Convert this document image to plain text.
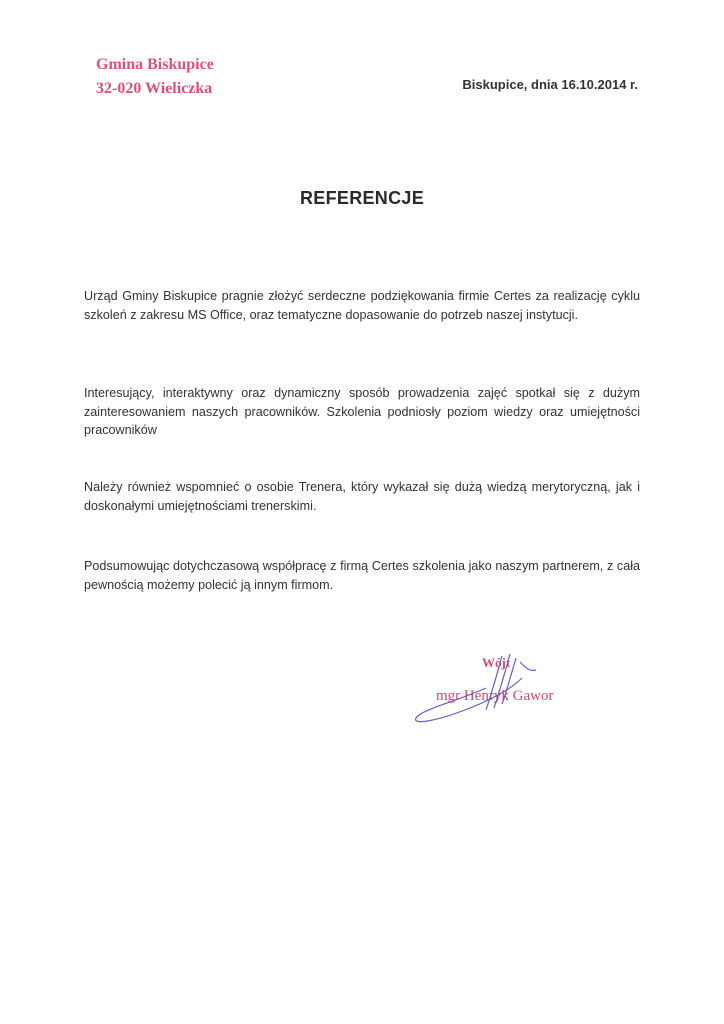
Gmina Biskupice
32-020 Wieliczka	Biskupice, dnia 16.10.2014 r.
REFERENCJE
Urząd Gminy Biskupice pragnie złożyć serdeczne podziękowania firmie Certes za realizację cyklu szkoleń z zakresu MS Office, oraz tematyczne dopasowanie do potrzeb naszej instytucji.
Interesujący, interaktywny oraz dynamiczny sposób prowadzenia zajęć spotkał się z dużym zainteresowaniem naszych pracowników. Szkolenia podniosły poziom wiedzy oraz umiejętności pracowników
Należy również wspomnieć o osobie Trenera, który wykazał się dużą wiedzą merytoryczną, jak i doskonałymi umiejętnościami trenerskimi.
Podsumowując dotychczasową współpracę z firmą Certes szkolenia jako naszym partnerem, z cała pewnością możemy polecić ją innym firmom.
Wójt
mgr Henryk Gawor
